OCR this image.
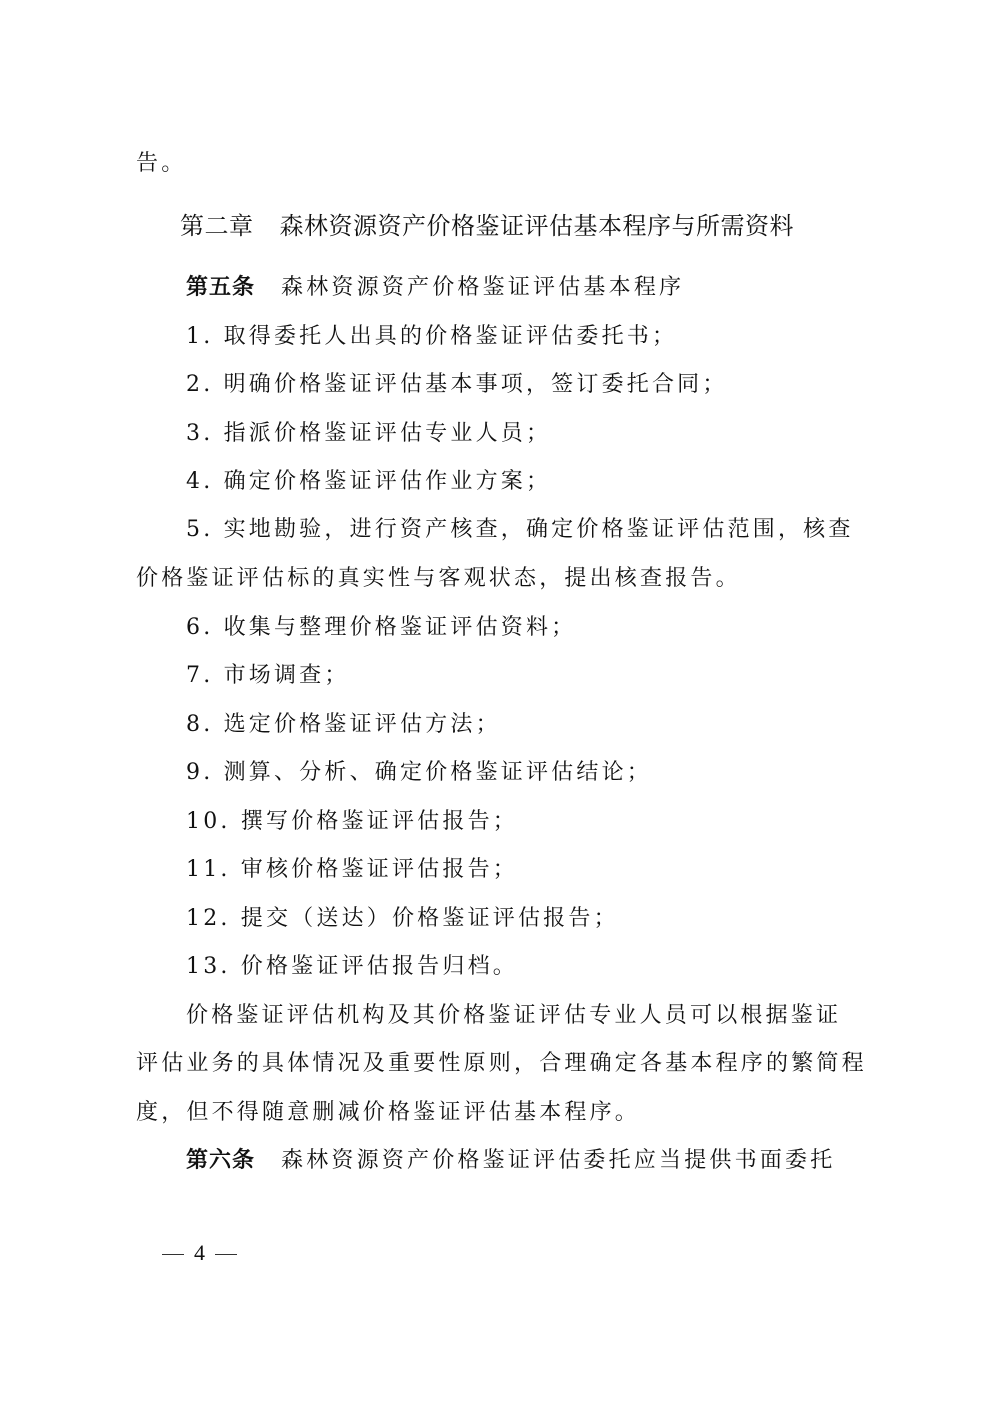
告。
第二章 森林资源资产价格鉴证评估基本程序与所需资料
第五条 森林资源资产价格鉴证评估基本程序
1. 取得委托人出具的价格鉴证评估委托书；
2. 明确价格鉴证评估基本事项，签订委托合同；
3. 指派价格鉴证评估专业人员；
4. 确定价格鉴证评估作业方案；
5. 实地勘验，进行资产核查，确定价格鉴证评估范围，核查
价格鉴证评估标的真实性与客观状态，提出核查报告。
6. 收集与整理价格鉴证评估资料；
7. 市场调查；
8. 选定价格鉴证评估方法；
9. 测算、分析、确定价格鉴证评估结论；
10. 撰写价格鉴证评估报告；
11. 审核价格鉴证评估报告；
12. 提交（送达）价格鉴证评估报告；
13. 价格鉴证评估报告归档。
价格鉴证评估机构及其价格鉴证评估专业人员可以根据鉴证
评估业务的具体情况及重要性原则，合理确定各基本程序的繁简程
度，但不得随意删减价格鉴证评估基本程序。
第六条 森林资源资产价格鉴证评估委托应当提供书面委托
4
